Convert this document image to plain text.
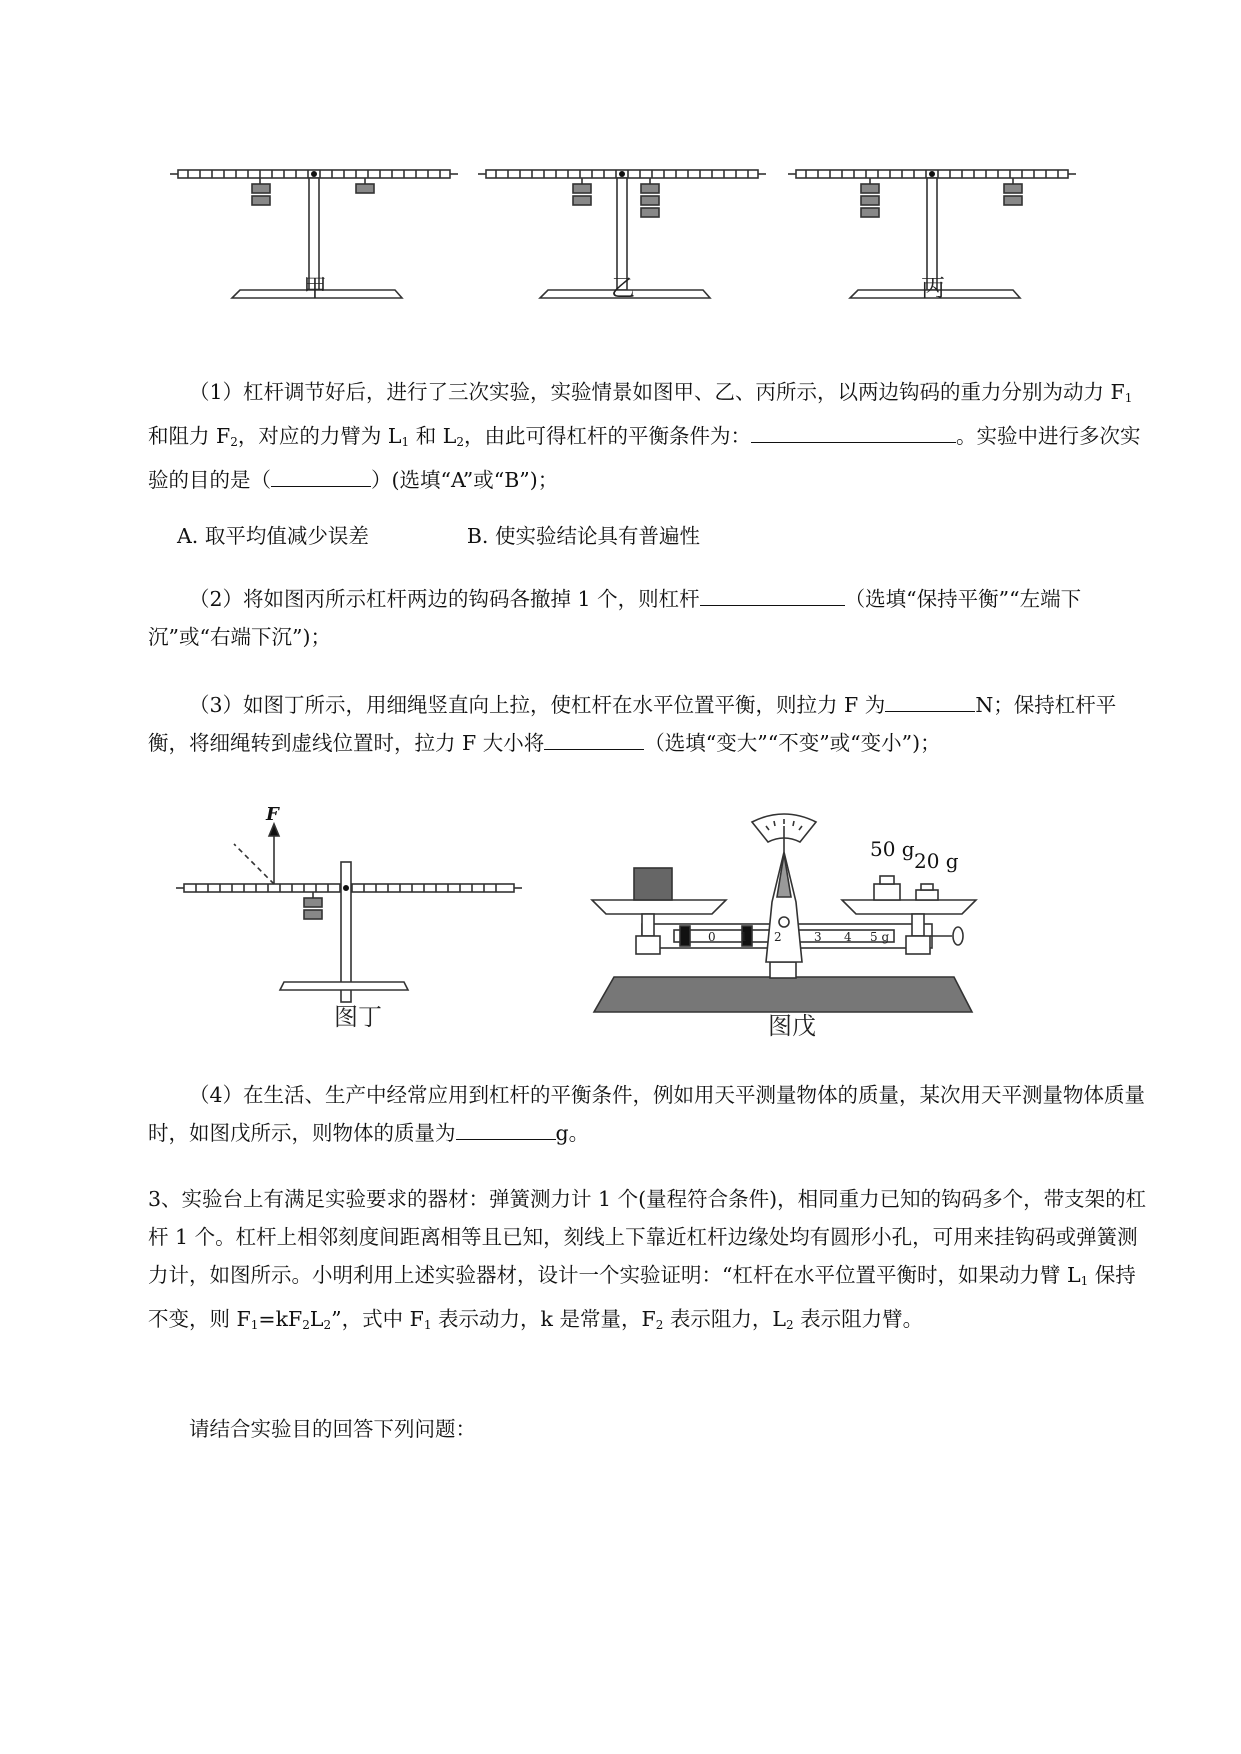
甲	乙	丙
（1）杠杆调节好后，进行了三次实验，实验情景如图甲、乙、丙所示，以两边钩码的重力分别为动力 $F_1$和阻力 $F_2$，对应的力臂为 $L_1$ 和 $L_2$，由此可得杠杆的平衡条件为：	。实验中进行多次实验的目的是（	）(选填“A”或“B”)；
A. 取平均值减少误差	B. 使实验结论具有普遍性
（2）将如图丙所示杠杆两边的钩码各撤掉 1 个，则杠杆	（选填“保持平衡”“左端下沉”或“右端下沉”)；
（3）如图丁所示，用细绳竖直向上拉，使杠杆在水平位置平衡，则拉力 F 为	N；保持杠杆平衡，将细绳转到虚线位置时，拉力 F 大小将	（选填“变大”“不变”或“变小”)；
F
图丁
0 1 2	3 4 5 g
50 g 20 g
图戊
（4）在生活、生产中经常应用到杠杆的平衡条件，例如用天平测量物体的质量，某次用天平测量物体质量时，如图戊所示，则物体的质量为	g。
3、实验台上有满足实验要求的器材：弹簧测力计 1 个(量程符合条件)，相同重力已知的钩码多个，带支架的杠杆 1 个。杠杆上相邻刻度间距离相等且已知，刻线上下靠近杠杆边缘处均有圆形小孔，可用来挂钩码或弹簧测力计，如图所示。小明利用上述实验器材，设计一个实验证明：“杠杆在水平位置平衡时，如果动力臂 $L_1$ 保持不变，则 $F_1=kF_2L_2$”，式中 $F_1$ 表示动力，k 是常量，$F_2$ 表示阻力，$L_2$ 表示阻力臂。
请结合实验目的回答下列问题：
